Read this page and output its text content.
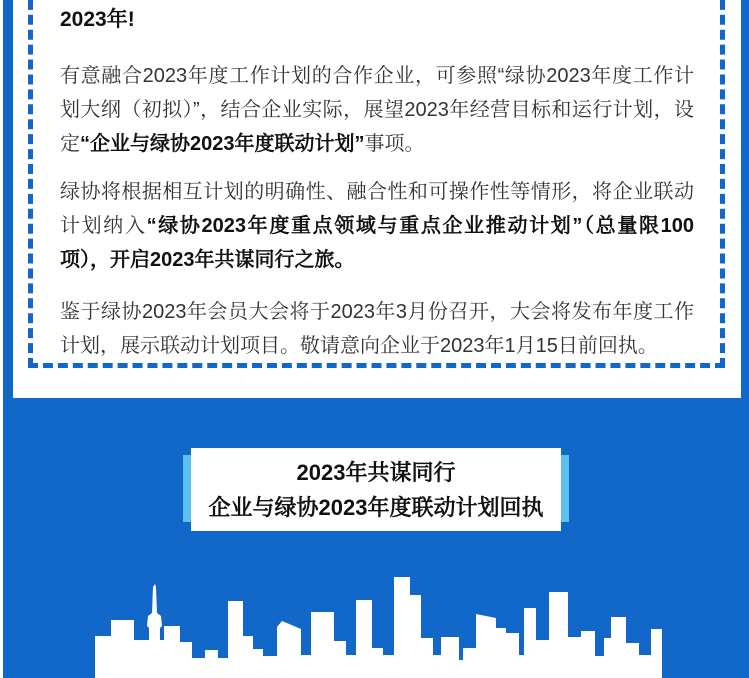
2023年!

有意融合2023年度工作计划的合作企业，可参照“绿协2023年度工作计划大纲（初拟）”，结合企业实际，展望2023年经营目标和运行计划，设定“企业与绿协2023年度联动计划”事项。

绿协将根据相互计划的明确性、融合性和可操作性等情形，将企业联动计划纳入“绿协2023年度重点领域与重点企业推动计划”（总量限100项），开启2023年共谋同行之旅。

鉴于绿协2023年会员大会将于2023年3月份召开，大会将发布年度工作计划，展示联动计划项目。敬请意向企业于2023年1月15日前回执。

2023年共谋同行
企业与绿协2023年度联动计划回执
